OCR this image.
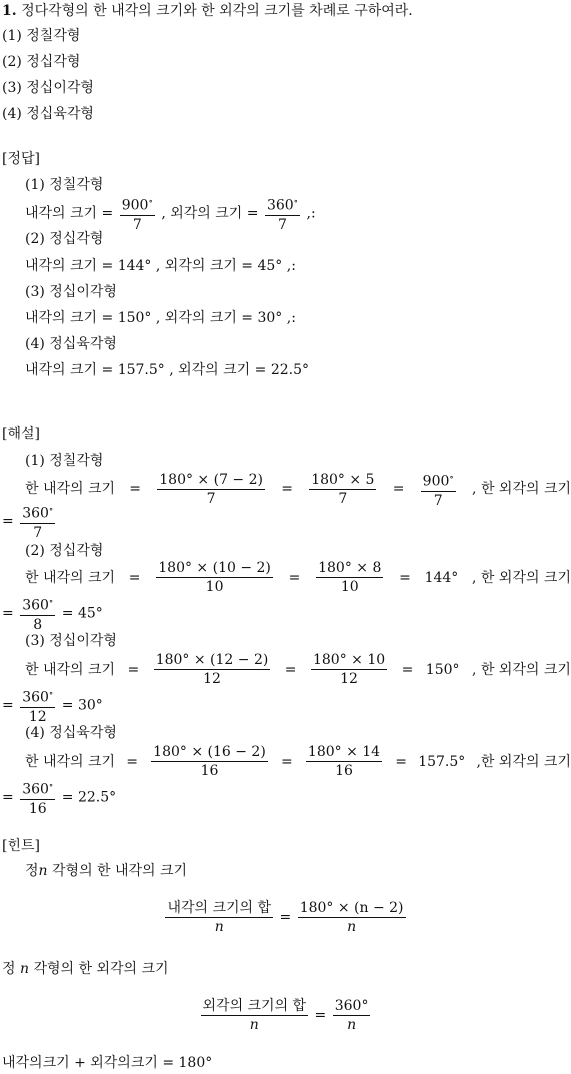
1. 정다각형의 한 내각의 크기와 한 외각의 크기를 차례로 구하여라.
(1) 정칠각형
(2) 정십각형
(3) 정십이각형
(4) 정십육각형
[정답]
(1) 정칠각형
내각의 크기 = $\frac{900^\circ}{7}$ , 외각의 크기 = $\frac{360^\circ}{7}$ ,:
(2) 정십각형
내각의 크기 = 144° , 외각의 크기 = 45° ,:
(3) 정십이각형
내각의 크기 = 150° , 외각의 크기 = 30° ,:
(4) 정십육각형
내각의 크기 = 157.5° , 외각의 크기 = 22.5°
[해설]
(1) 정칠각형
한 내각의 크기 = $\frac{180^\circ \times (7 - 2)}{7} = \frac{180^\circ \times 5}{7} = \frac{900^\circ}{7}$ , 한 외각의 크기
= $\frac{360^\circ}{7}$
(2) 정십각형
한 내각의 크기 = $\frac{180^\circ \times (10 - 2)}{10} = \frac{180^\circ \times 8}{10} = 144^\circ$ , 한 외각의 크기
= $\frac{360^\circ}{8} = 45^\circ$
(3) 정십이각형
한 내각의 크기 = $\frac{180^\circ \times (12 - 2)}{12} = \frac{180^\circ \times 10}{12} = 150^\circ$ , 한 외각의 크기
= $\frac{360^\circ}{12} = 30^\circ$
(4) 정십육각형
한 내각의 크기 = $\frac{180^\circ \times (16 - 2)}{16} = \frac{180^\circ \times 14}{16} = 157.5^\circ$ ,한 외각의 크기
= $\frac{360^\circ}{16} = 22.5^\circ$
[힌트]
정n 각형의 한 내각의 크기
$\frac{\text{내각의 크기의 합}}{n} = \frac{180^\circ \times (n - 2)}{n}$
정 n 각형의 한 외각의 크기
$\frac{\text{외각의 크기의 합}}{n} = \frac{360^\circ}{n}$
내각의크기 + 외각의크기 = 180°
